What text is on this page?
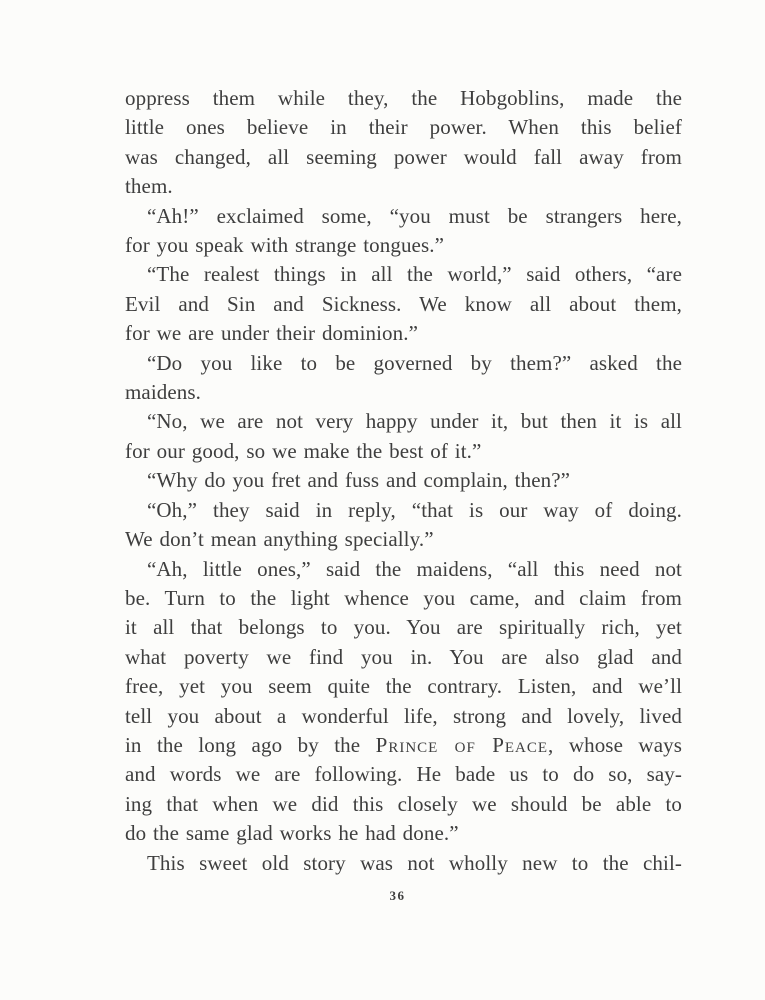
oppress them while they, the Hobgoblins, made the
little ones believe in their power. When this belief
was changed, all seeming power would fall away from
them.
“Ah!” exclaimed some, “you must be strangers here,
for you speak with strange tongues.”
“The realest things in all the world,” said others, “are
Evil and Sin and Sickness. We know all about them,
for we are under their dominion.”
“Do you like to be governed by them?” asked the
maidens.
“No, we are not very happy under it, but then it is all
for our good, so we make the best of it.”
“Why do you fret and fuss and complain, then?”
“Oh,” they said in reply, “that is our way of doing.
We don’t mean anything specially.”
“Ah, little ones,” said the maidens, “all this need not
be. Turn to the light whence you came, and claim from
it all that belongs to you. You are spiritually rich, yet
what poverty we find you in. You are also glad and
free, yet you seem quite the contrary. Listen, and we’ll
tell you about a wonderful life, strong and lovely, lived
in the long ago by the Prince of Peace, whose ways
and words we are following. He bade us to do so, say-
ing that when we did this closely we should be able to
do the same glad works he had done.”
This sweet old story was not wholly new to the chil-
36
